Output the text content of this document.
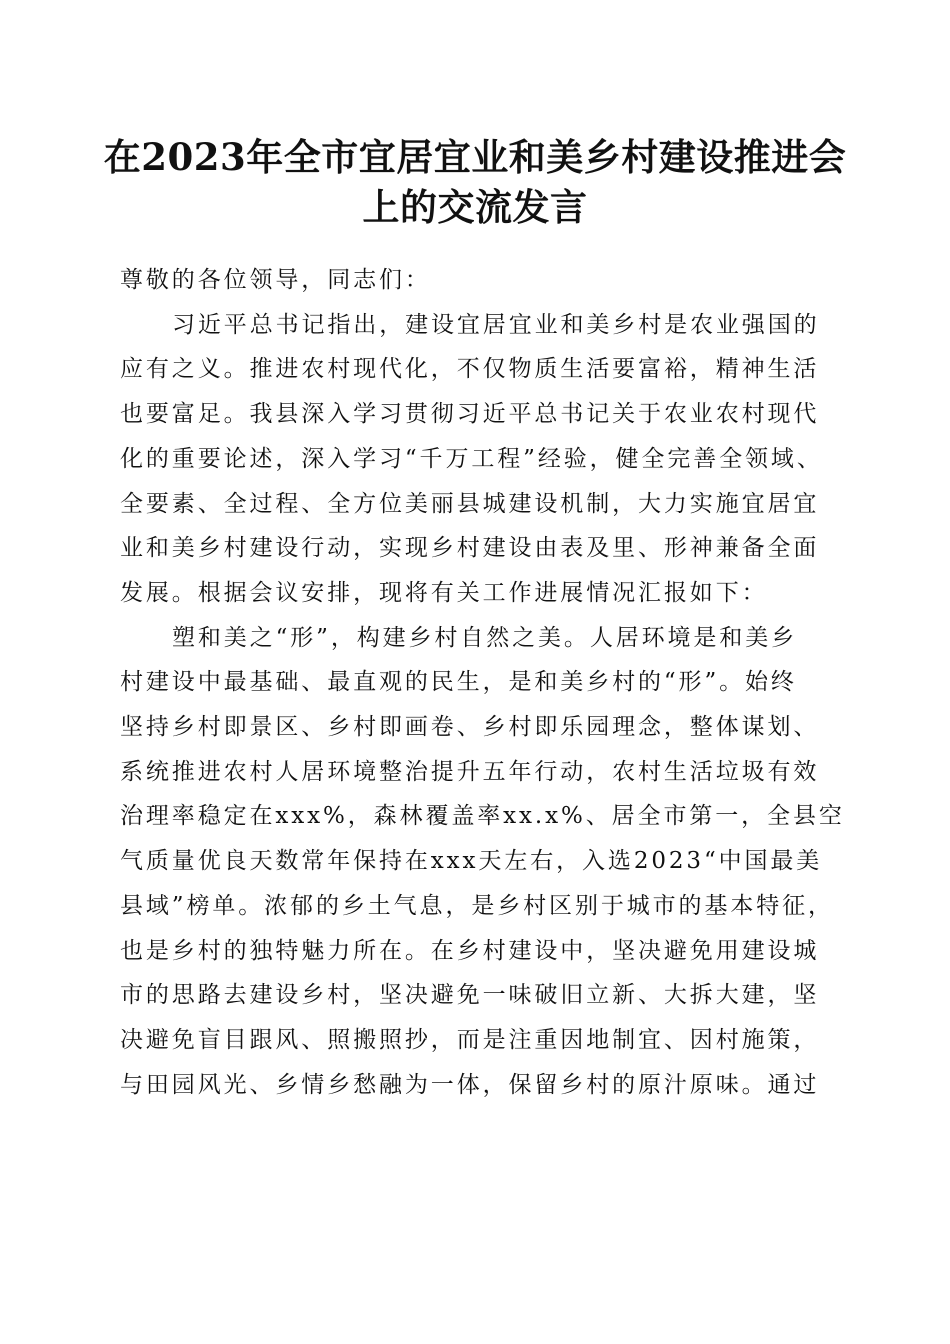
在2023年全市宜居宜业和美乡村建设推进会
上的交流发言

尊敬的各位领导，同志们：

习近平总书记指出，建设宜居宜业和美乡村是农业强国的
应有之义。推进农村现代化，不仅物质生活要富裕，精神生活
也要富足。我县深入学习贯彻习近平总书记关于农业农村现代
化的重要论述，深入学习“千万工程”经验，健全完善全领域、
全要素、全过程、全方位美丽县城建设机制，大力实施宜居宜
业和美乡村建设行动，实现乡村建设由表及里、形神兼备全面
发展。根据会议安排，现将有关工作进展情况汇报如下：

塑和美之“形”，构建乡村自然之美。人居环境是和美乡
村建设中最基础、最直观的民生，是和美乡村的“形”。始终
坚持乡村即景区、乡村即画卷、乡村即乐园理念，整体谋划、
系统推进农村人居环境整治提升五年行动，农村生活垃圾有效
治理率稳定在xxx%，森林覆盖率xx.x%、居全市第一，全县空
气质量优良天数常年保持在xxx天左右，入选2023“中国最美
县域”榜单。浓郁的乡土气息，是乡村区别于城市的基本特征，
也是乡村的独特魅力所在。在乡村建设中，坚决避免用建设城
市的思路去建设乡村，坚决避免一味破旧立新、大拆大建，坚
决避免盲目跟风、照搬照抄，而是注重因地制宜、因村施策，
与田园风光、乡情乡愁融为一体，保留乡村的原汁原味。通过
